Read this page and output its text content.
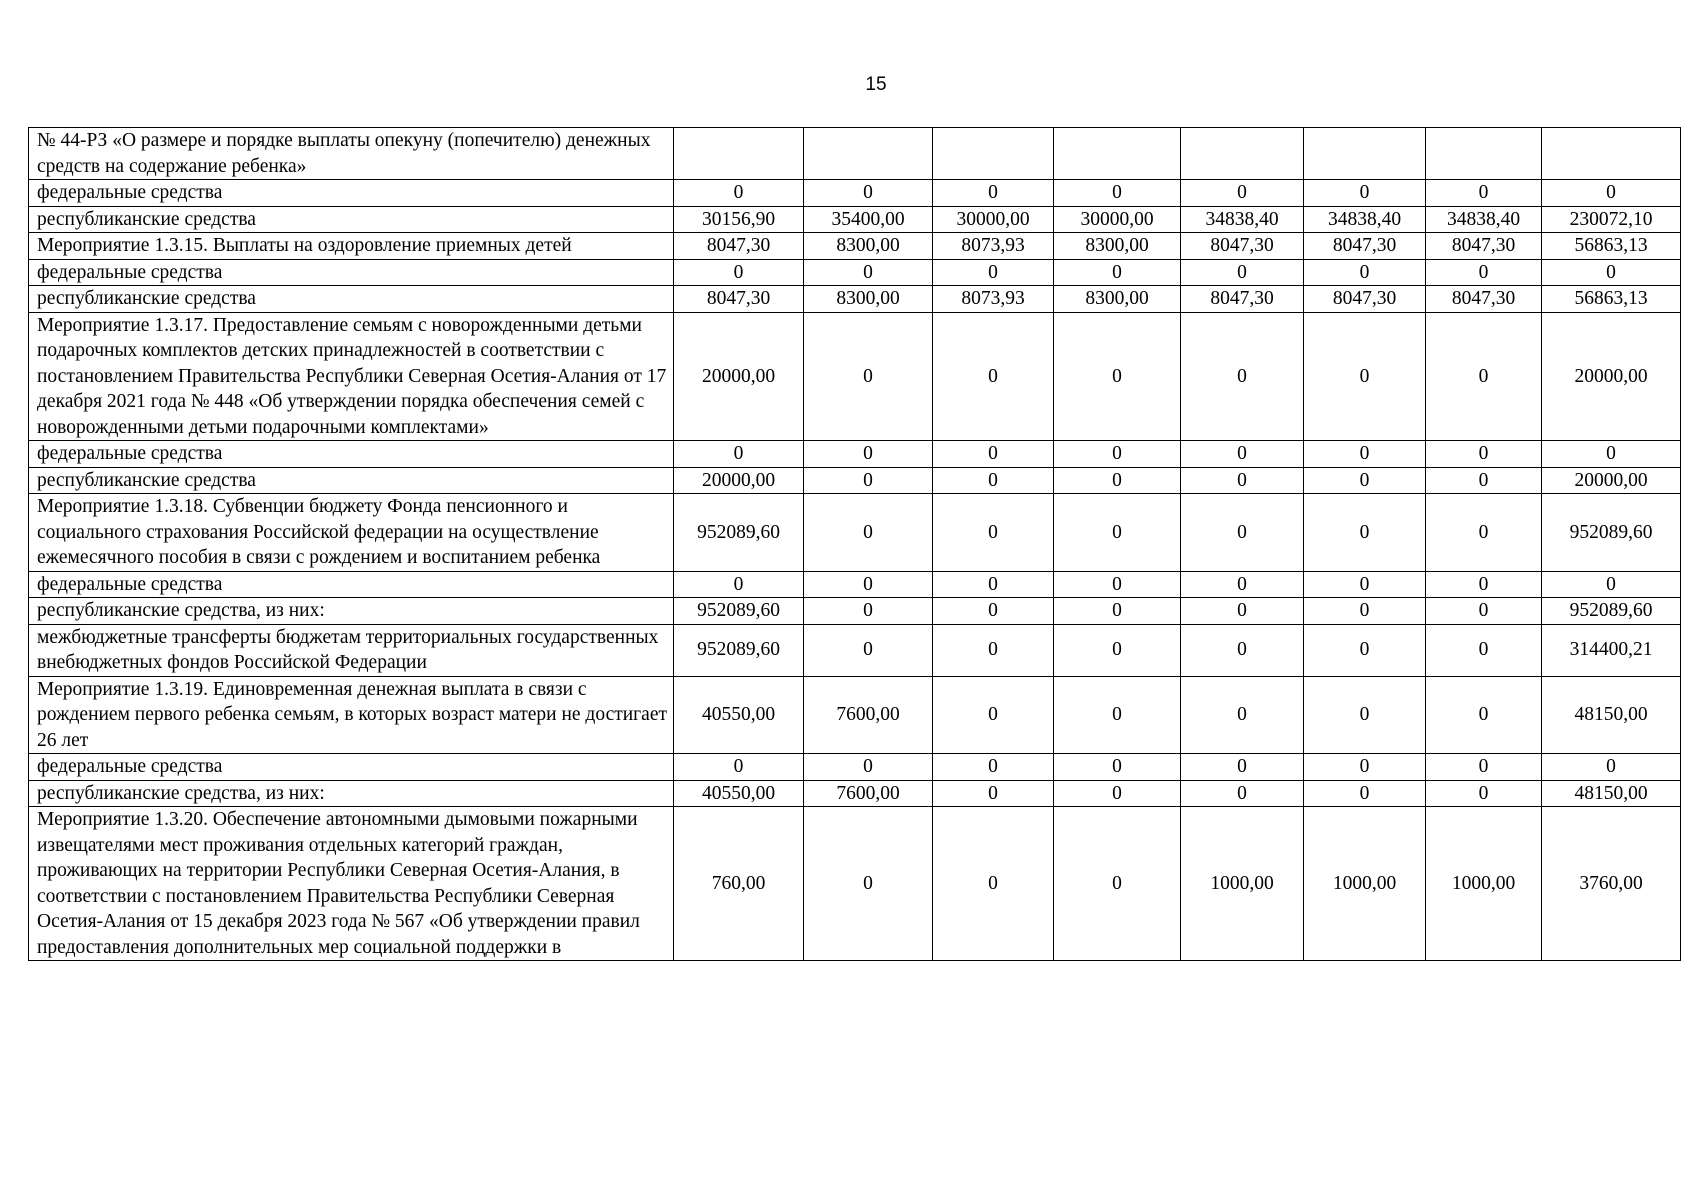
15
№ 44-РЗ «О размере и порядке выплаты опекуну (попечителю) денежных средств на содержание ребенка»								
федеральные средства	0	0	0	0	0	0	0	0
республиканские средства	30156,90	35400,00	30000,00	30000,00	34838,40	34838,40	34838,40	230072,10
Мероприятие 1.3.15. Выплаты на оздоровление приемных детей	8047,30	8300,00	8073,93	8300,00	8047,30	8047,30	8047,30	56863,13
федеральные средства	0	0	0	0	0	0	0	0
республиканские средства	8047,30	8300,00	8073,93	8300,00	8047,30	8047,30	8047,30	56863,13
Мероприятие 1.3.17. Предоставление семьям с новорожденными детьми подарочных комплектов детских принадлежностей в соответствии с постановлением Правительства Республики Северная Осетия-Алания от 17 декабря 2021 года № 448 «Об утверждении порядка обеспечения семей с новорожденными детьми подарочными комплектами»	20000,00	0	0	0	0	0	0	20000,00
федеральные средства	0	0	0	0	0	0	0	0
республиканские средства	20000,00	0	0	0	0	0	0	20000,00
Мероприятие 1.3.18. Субвенции бюджету Фонда пенсионного и социального страхования Российской федерации на осуществление ежемесячного пособия в связи с рождением и воспитанием ребенка	952089,60	0	0	0	0	0	0	952089,60
федеральные средства	0	0	0	0	0	0	0	0
республиканские средства, из них:	952089,60	0	0	0	0	0	0	952089,60
межбюджетные трансферты бюджетам территориальных государственных внебюджетных фондов Российской Федерации	952089,60	0	0	0	0	0	0	314400,21
Мероприятие 1.3.19. Единовременная денежная выплата в связи с рождением первого ребенка семьям, в которых возраст матери не достигает 26 лет	40550,00	7600,00	0	0	0	0	0	48150,00
федеральные средства	0	0	0	0	0	0	0	0
республиканские средства, из них:	40550,00	7600,00	0	0	0	0	0	48150,00
Мероприятие 1.3.20. Обеспечение автономными дымовыми пожарными извещателями мест проживания отдельных категорий граждан, проживающих на территории Республики Северная Осетия-Алания, в соответствии с постановлением Правительства Республики Северная Осетия-Алания от 15 декабря 2023 года № 567 «Об утверждении правил предоставления дополнительных мер социальной поддержки в	760,00	0	0	0	1000,00	1000,00	1000,00	3760,00
